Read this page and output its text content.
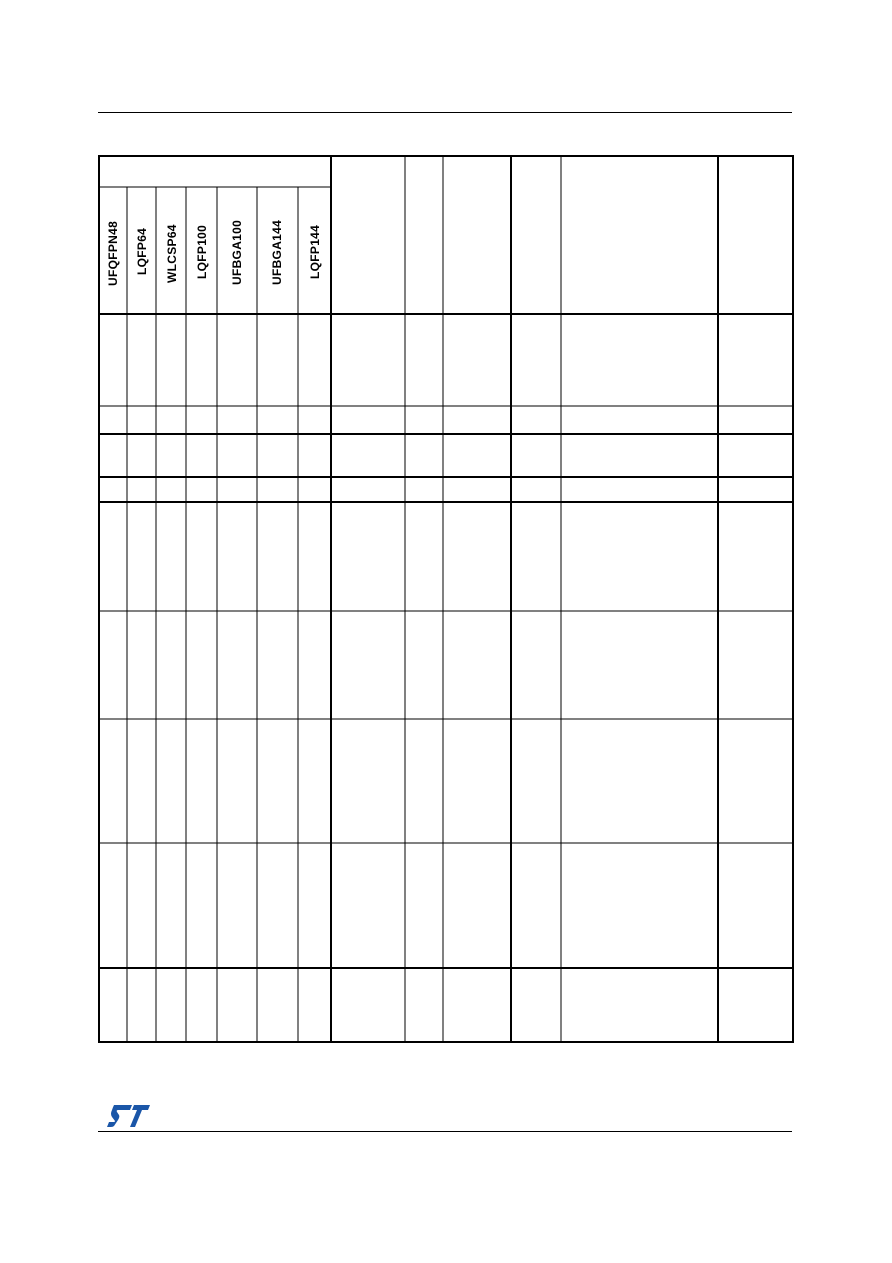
UFQFPN48 LQFP64 WLCSP64 LQFP100 UFBGA100 UFBGA144 LQFP144
